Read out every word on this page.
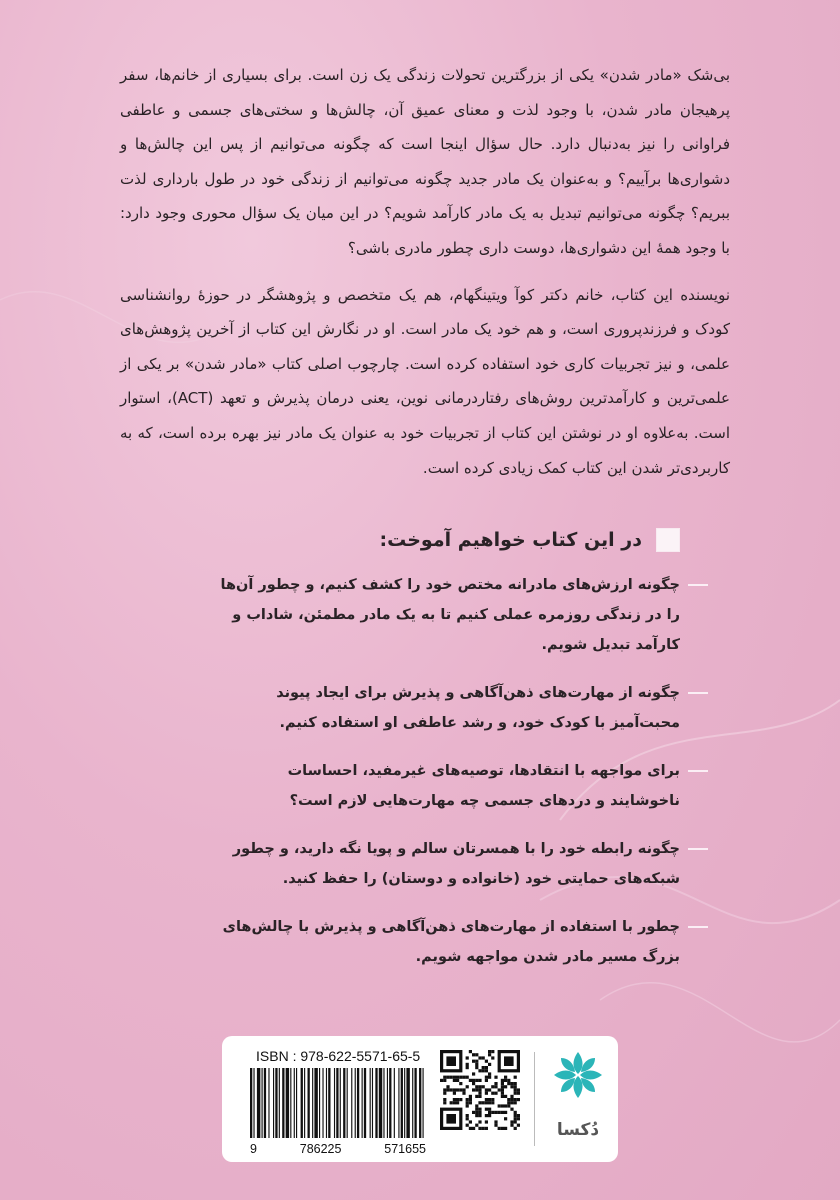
بی‌شک «مادر شدن» یکی از بزرگترین تحولات زندگی یک زن است. برای بسیاری از خانم‌ها، سفر پرهیجان مادر شدن، با وجود لذت و معنای عمیق آن، چالش‌ها و سختی‌های جسمی و عاطفی فراوانی را نیز به‌دنبال دارد. حال سؤال اینجا است که چگونه می‌توانیم از پس این چالش‌ها و دشواری‌ها برآییم؟ و به‌عنوان یک مادر جدید چگونه می‌توانیم از زندگی خود در طول بارداری لذت ببریم؟ چگونه می‌توانیم تبدیل به یک مادر کارآمد شویم؟ در این میان یک سؤال محوری وجود دارد: با وجود همهٔ این دشواری‌ها، دوست داری چطور مادری باشی؟

نویسنده این کتاب، خانم دکتر کوآ ویتینگهام، هم یک متخصص و پژوهشگر در حوزهٔ روانشناسی کودک و فرزندپروری است، و هم خود یک مادر است. او در نگارش این کتاب از آخرین پژوهش‌های علمی، و نیز تجربیات کاری خود استفاده کرده است. چارچوب اصلی کتاب «مادر شدن» بر یکی از علمی‌ترین و کارآمدترین روش‌های رفتاردرمانی نوین، یعنی درمان پذیرش و تعهد (ACT)، استوار است. به‌علاوه او در نوشتن این کتاب از تجربیات خود به عنوان یک مادر نیز بهره برده است، که به کاربردی‌تر شدن این کتاب کمک زیادی کرده است.

در این کتاب خواهیم آموخت:
چگونه ارزش‌های مادرانه مختص خود را کشف کنیم، و چطور آن‌ها را در زندگی روزمره عملی کنیم تا به یک مادر مطمئن، شاداب و کارآمد تبدیل شویم.
چگونه از مهارت‌های ذهن‌آگاهی و پذیرش برای ایجاد پیوند محبت‌آمیز با کودک خود، و رشد عاطفی او استفاده کنیم.
برای مواجهه با انتقادها، توصیه‌های غیرمفید، احساسات ناخوشایند و دردهای جسمی چه مهارت‌هایی لازم است؟
چگونه رابطه خود را با همسرتان سالم و پویا نگه دارید، و چطور شبکه‌های حمایتی خود (خانواده و دوستان) را حفظ کنید.
چطور با استفاده از مهارت‌های ذهن‌آگاهی و پذیرش با چالش‌های بزرگ مسیر مادر شدن مواجهه شویم.
ISBN : 978-622-5571-65-5
9	786225	571655
دُکسا
